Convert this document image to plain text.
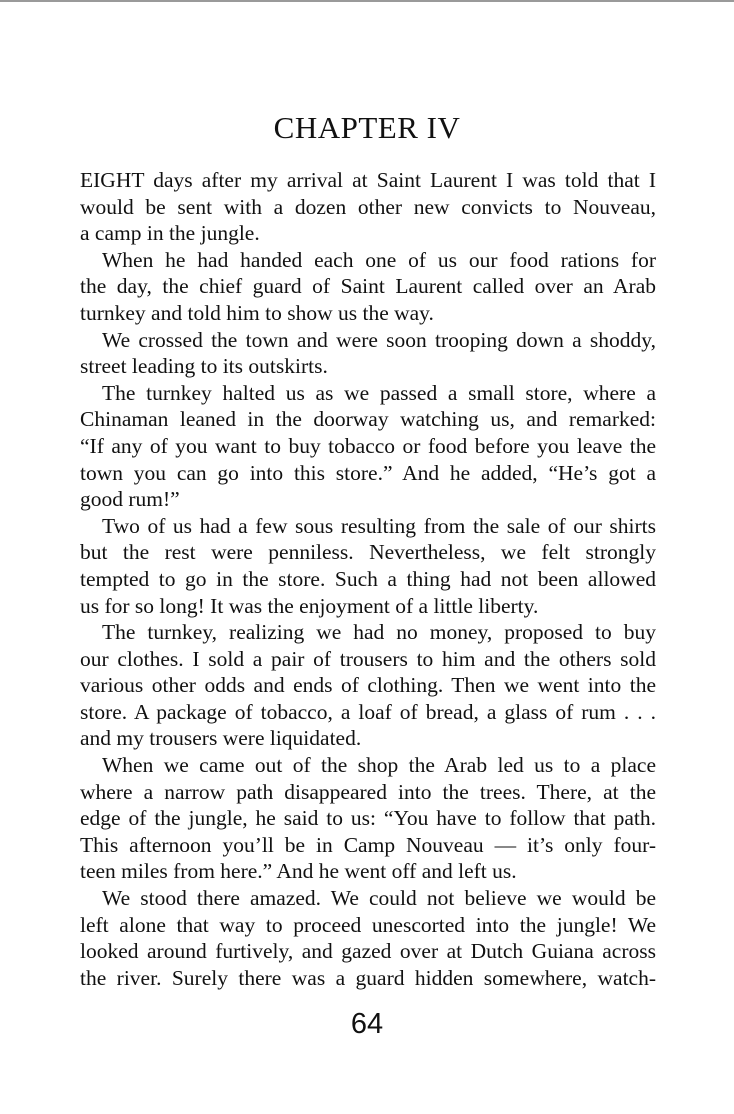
CHAPTER IV
EIGHT days after my arrival at Saint Laurent I was told that I
would be sent with a dozen other new convicts to Nouveau,
a camp in the jungle.
When he had handed each one of us our food rations for
the day, the chief guard of Saint Laurent called over an Arab
turnkey and told him to show us the way.
We crossed the town and were soon trooping down a shoddy,
street leading to its outskirts.
The turnkey halted us as we passed a small store, where a
Chinaman leaned in the doorway watching us, and remarked:
“If any of you want to buy tobacco or food before you leave the
town you can go into this store.” And he added, “He’s got a
good rum!”
Two of us had a few sous resulting from the sale of our shirts
but the rest were penniless. Nevertheless, we felt strongly
tempted to go in the store. Such a thing had not been allowed
us for so long! It was the enjoyment of a little liberty.
The turnkey, realizing we had no money, proposed to buy
our clothes. I sold a pair of trousers to him and the others sold
various other odds and ends of clothing. Then we went into the
store. A package of tobacco, a loaf of bread, a glass of rum . . .
and my trousers were liquidated.
When we came out of the shop the Arab led us to a place
where a narrow path disappeared into the trees. There, at the
edge of the jungle, he said to us: “You have to follow that path.
This afternoon you’ll be in Camp Nouveau — it’s only four-
teen miles from here.” And he went off and left us.
We stood there amazed. We could not believe we would be
left alone that way to proceed unescorted into the jungle! We
looked around furtively, and gazed over at Dutch Guiana across
the river. Surely there was a guard hidden somewhere, watch-
64
